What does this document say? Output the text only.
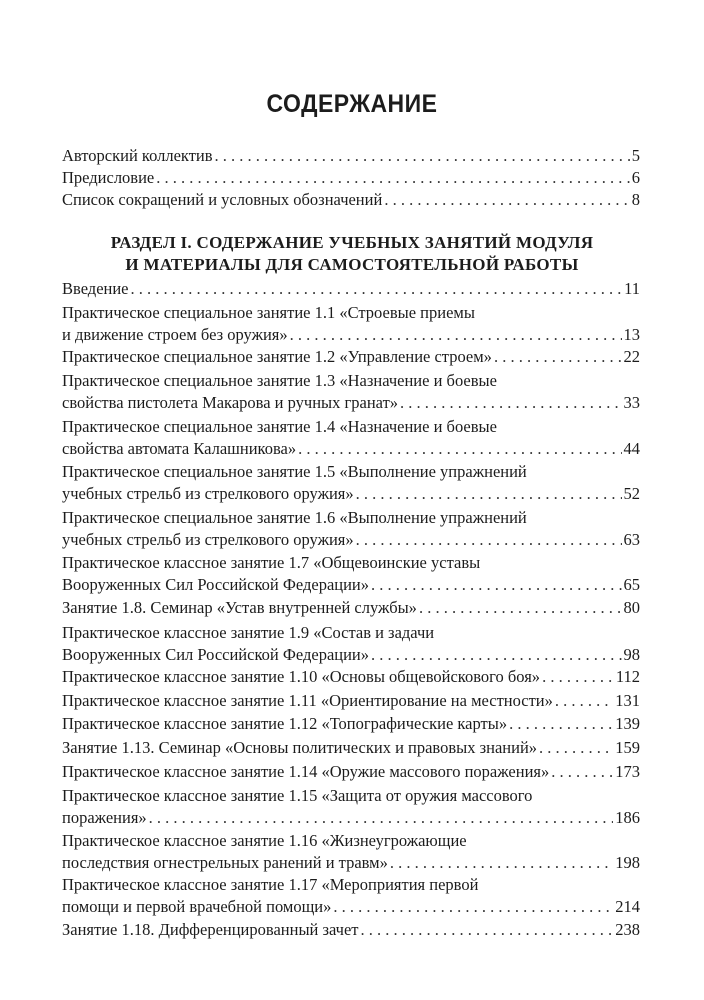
СОДЕРЖАНИЕ
Авторский коллектив . . .	5
Предисловие . . .	6
Список сокращений и условных обозначений . . .	8
РАЗДЕЛ I. СОДЕРЖАНИЕ УЧЕБНЫХ ЗАНЯТИЙ МОДУЛЯ
И МАТЕРИАЛЫ ДЛЯ САМОСТОЯТЕЛЬНОЙ РАБОТЫ
Введение . . .	11
Практическое специальное занятие 1.1 «Строевые приемы
и движение строем без оружия» . . .	13
Практическое специальное занятие 1.2 «Управление строем» . . .	22
Практическое специальное занятие 1.3 «Назначение и боевые
свойства пистолета Макарова и ручных гранат» . . .	33
Практическое специальное занятие 1.4 «Назначение и боевые
свойства автомата Калашникова» . . .	44
Практическое специальное занятие 1.5 «Выполнение упражнений
учебных стрельб из стрелкового оружия» . . .	52
Практическое специальное занятие 1.6 «Выполнение упражнений
учебных стрельб из стрелкового оружия» . . .	63
Практическое классное занятие 1.7 «Общевоинские уставы
Вооруженных Сил Российской Федерации» . . .	65
Занятие 1.8. Семинар «Устав внутренней службы» . . .	80
Практическое классное занятие 1.9 «Состав и задачи
Вооруженных Сил Российской Федерации» . . .	98
Практическое классное занятие 1.10 «Основы общевойскового боя» . . .	112
Практическое классное занятие 1.11 «Ориентирование на местности» . . .	131
Практическое классное занятие 1.12 «Топографические карты» . . .	139
Занятие 1.13. Семинар «Основы политических и правовых знаний» . . .	159
Практическое классное занятие 1.14 «Оружие массового поражения» . . .	173
Практическое классное занятие 1.15 «Защита от оружия массового
поражения» . . .	186
Практическое классное занятие 1.16 «Жизнеугрожающие
последствия огнестрельных ранений и травм» . . .	198
Практическое классное занятие 1.17 «Мероприятия первой
помощи и первой врачебной помощи» . . .	214
Занятие 1.18. Дифференцированный зачет . . .	238
